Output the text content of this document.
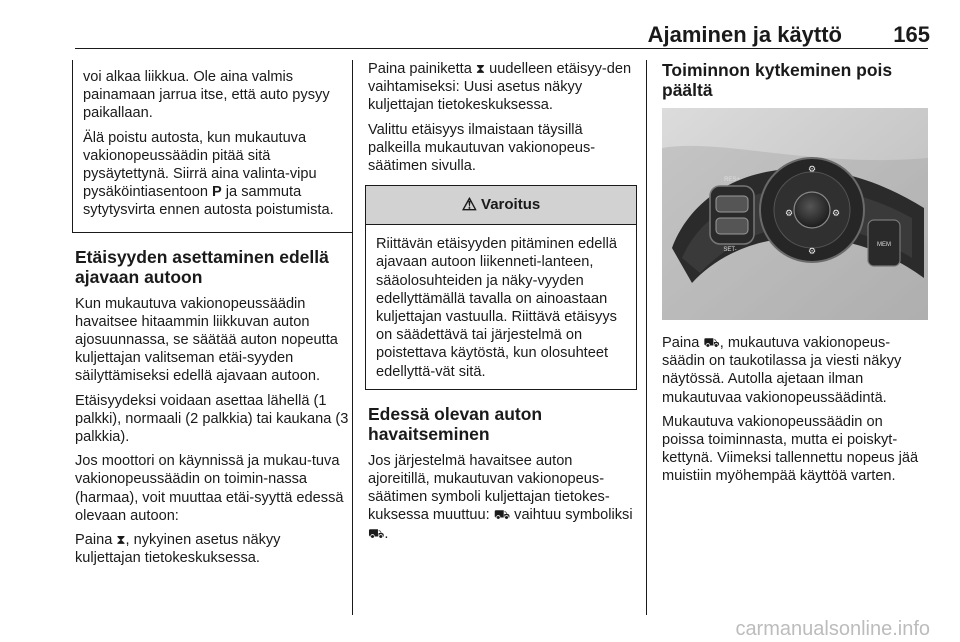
Ajaminen ja käyttö 165

voi alkaa liikkua. Ole aina valmis painamaan jarrua itse, että auto pysyy paikallaan.

Älä poistu autosta, kun mukautuva vakionopeussäädin pitää sitä pysäytettynä. Siirrä aina valinta-vipu pysäköintiasentoon P ja sammuta sytytysvirta ennen autosta poistumista.

Etäisyyden asettaminen edellä ajavaan autoon

Kun mukautuva vakionopeussäädin havaitsee hitaammin liikkuvan auton ajosuunnassa, se säätää auton nopeutta kuljettajan valitseman etäi-syyden säilyttämiseksi edellä ajavaan autoon.

Etäisyydeksi voidaan asettaa lähellä (1 palkki), normaali (2 palkkia) tai kaukana (3 palkkia).

Jos moottori on käynnissä ja mukau-tuva vakionopeussäädin on toimin-nassa (harmaa), voit muuttaa etäi-syyttä edessä olevaan autoon:

Paina ⧗, nykyinen asetus näkyy kuljettajan tietokeskuksessa.

Paina painiketta ⧗ uudelleen etäisyy-den vaihtamiseksi: Uusi asetus näkyy kuljettajan tietokeskuksessa.

Valittu etäisyys ilmaistaan täysillä palkeilla mukautuvan vakionopeus-säätimen sivulla.

⚠ Varoitus
Riittävän etäisyyden pitäminen edellä ajavaan autoon liikenneti-lanteen, sääolosuhteiden ja näky-vyyden edellyttämällä tavalla on ainoastaan kuljettajan vastuulla. Riittävä etäisyys on säädettävä tai järjestelmä on poistettava käytöstä, kun olosuhteet edellyttä-vät sitä.
Edessä olevan auton havaitseminen

Jos järjestelmä havaitsee auton ajoreitillä, mukautuvan vakionopeus-säätimen symboli kuljettajan tietokes-kuksessa muuttuu: ⛟ vaihtuu symboliksi ⛟.

Toiminnon kytkeminen pois päältä
RES+
SET-
⚙
⚙	⚙
⚙
MEM

Paina ⛟, mukautuva vakionopeus-säädin on taukotilassa ja viesti näkyy näytössä. Autolla ajetaan ilman mukautuvaa vakionopeussäädintä.

Mukautuva vakionopeussäädin on poissa toiminnasta, mutta ei poiskyt-kettynä. Viimeksi tallennettu nopeus jää muistiin myöhempää käyttöä varten.

carmanualsonline.info
